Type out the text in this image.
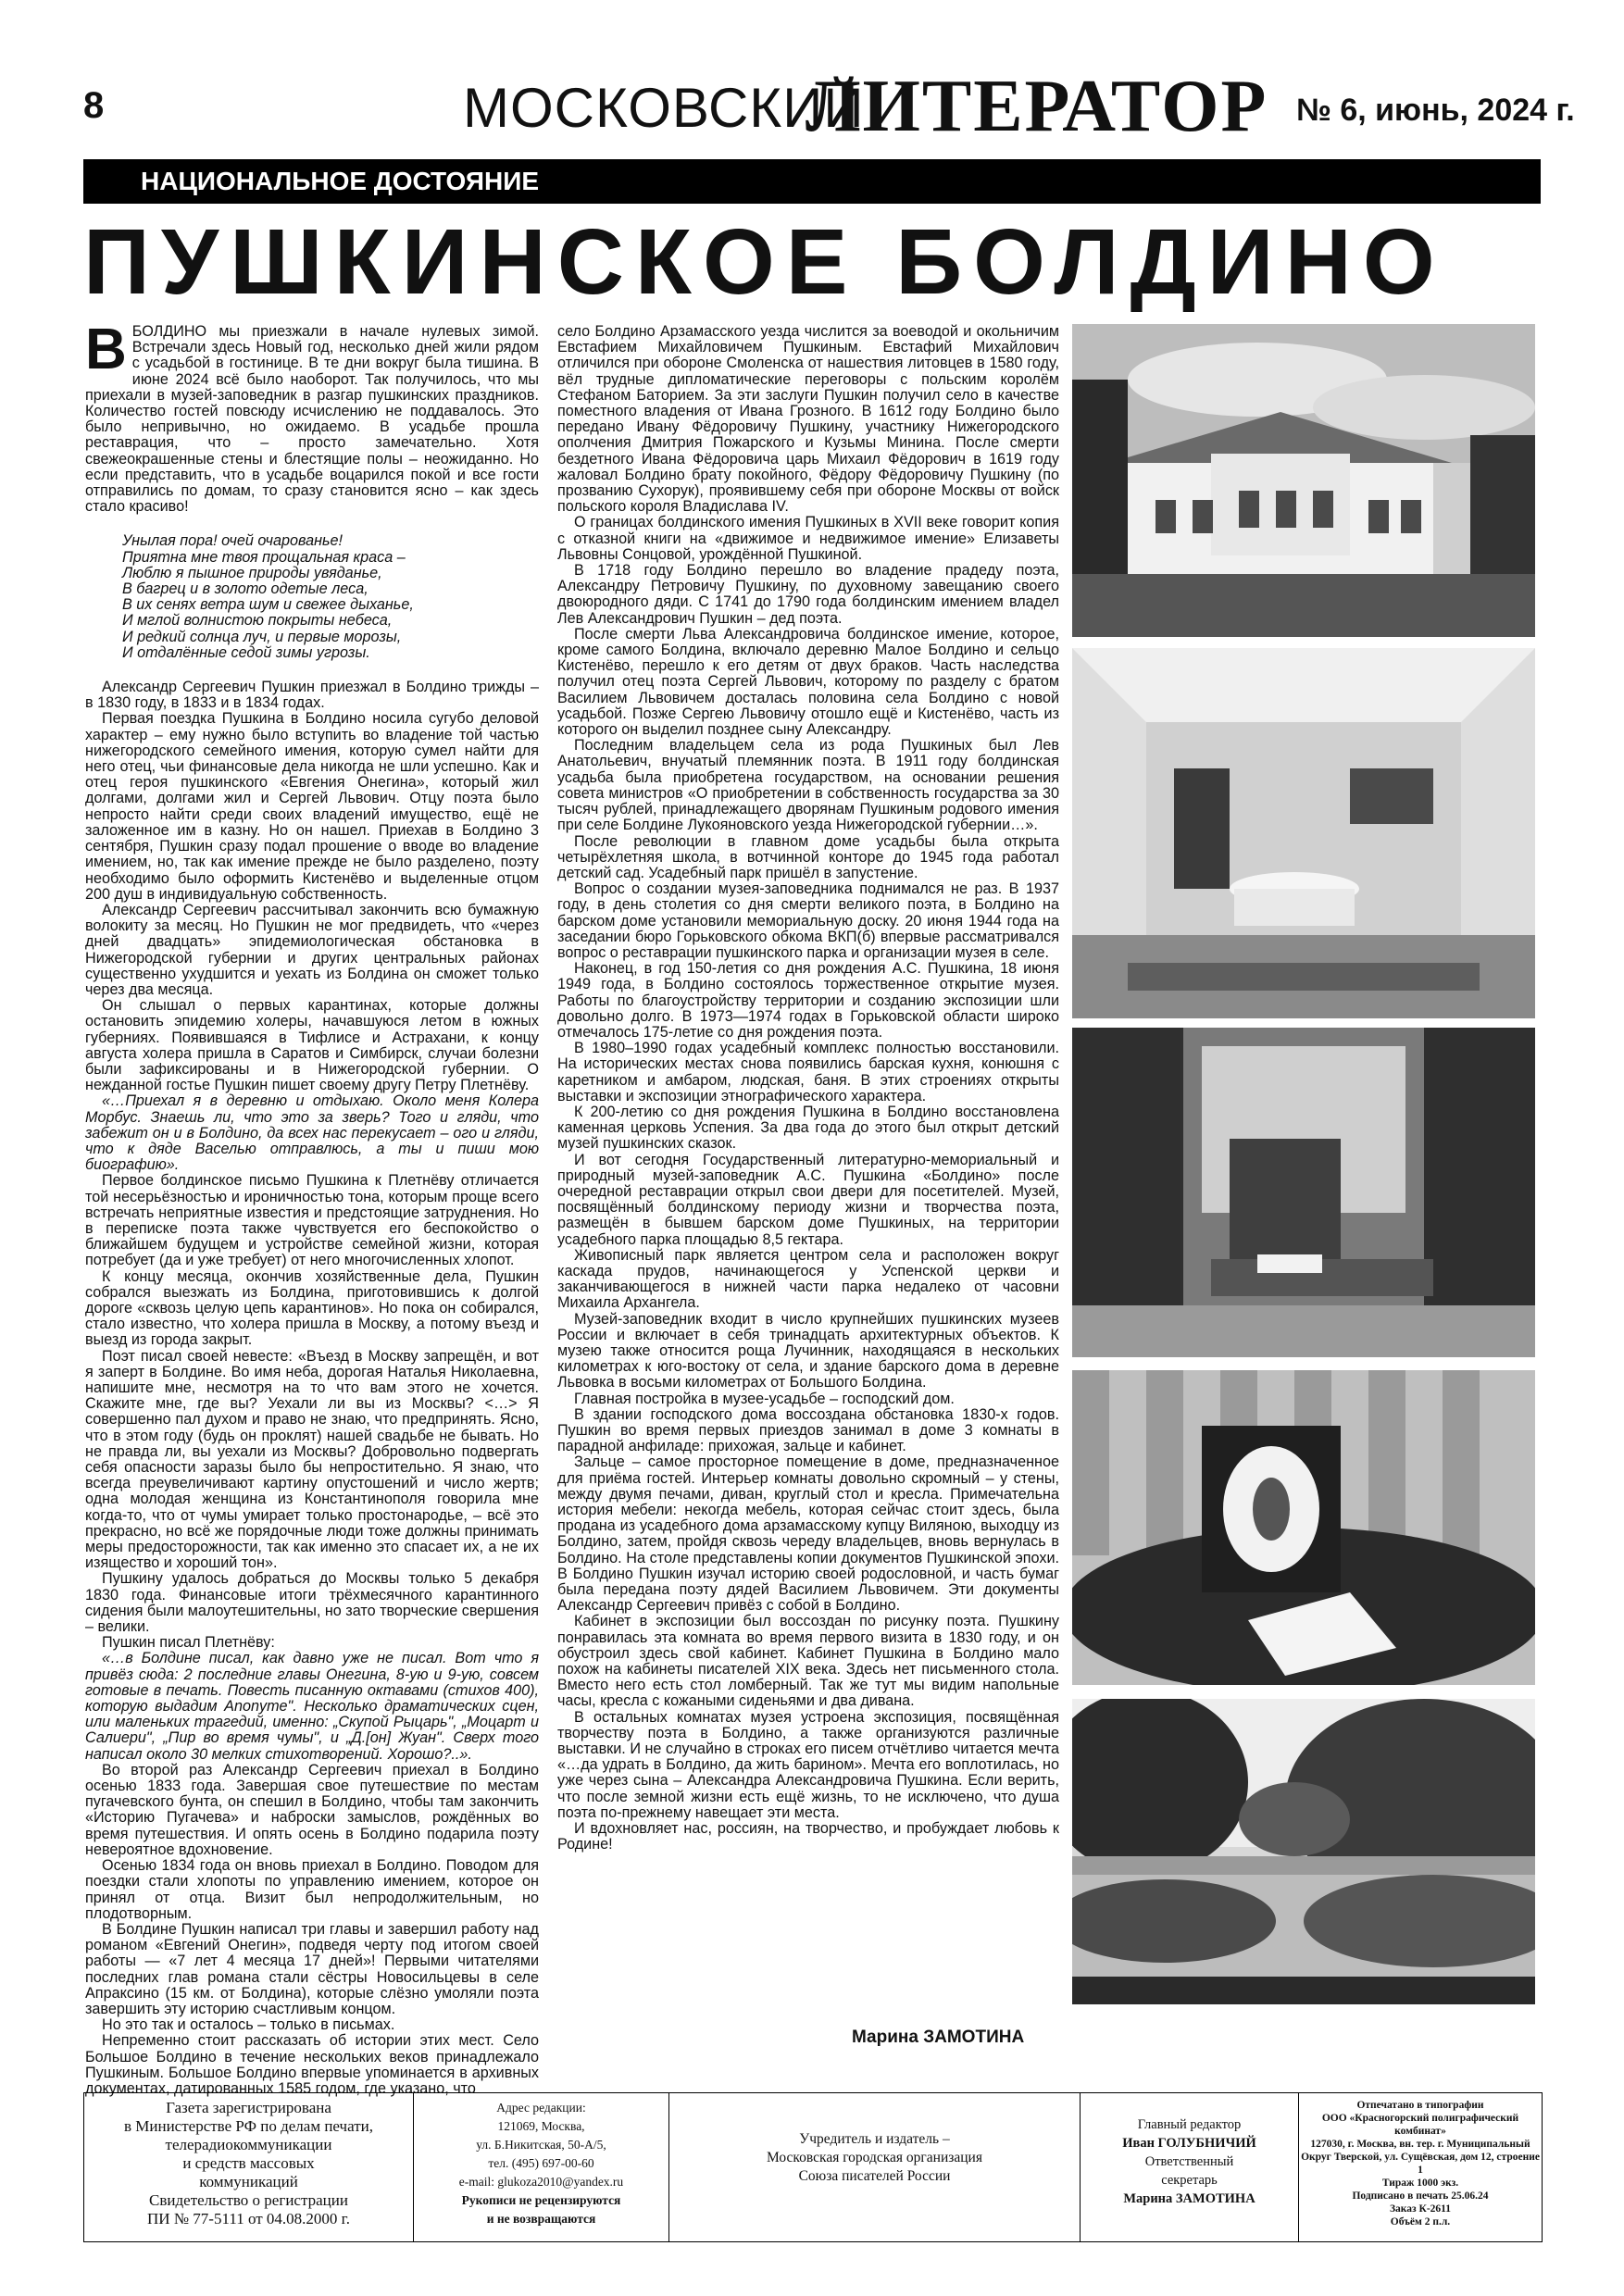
8	МОСКОВСКИЙ
ЛИТЕРАТОР № 6, июнь, 2024 г.
НАЦИОНАЛЬНОЕ ДОСТОЯНИЕ
ПУШКИНСКОЕ БОЛДИНО

ВБОЛДИНО мы приезжали в начале нулевых зимой. Встречали здесь Новый год, несколько дней жили рядом с усадьбой в гостинице. В те дни вокруг была тишина. В июне 2024 всё было наоборот. Так получилось, что мы приехали в музей-заповедник в разгар пушкинских праздников. Количество гостей повсюду исчислению не поддавалось. Это было непривычно, но ожидаемо. В усадьбе прошла реставрация, что – просто замечательно. Хотя свежеокрашенные стены и блестящие полы – неожиданно. Но если представить, что в усадьбе воцарился покой и все гости отправились по домам, то сразу становится ясно – как здесь стало красиво!

Унылая пора! очей очарованье!
Приятна мне твоя прощальная краса –
Люблю я пышное природы увяданье,
В багрец и в золото одетые леса,
В их сенях ветра шум и свежее дыханье,
И мглой волнистою покрыты небеса,
И редкий солнца луч, и первые морозы,
И отдалённые седой зимы угрозы.

Александр Сергеевич Пушкин приезжал в Болдино трижды – в 1830 году, в 1833 и в 1834 годах.

Первая поездка Пушкина в Болдино носила сугубо деловой характер – ему нужно было вступить во владение той частью нижегородского семейного имения, которую сумел найти для него отец, чьи финансовые дела никогда не шли успешно. Как и отец героя пушкинского «Евгения Онегина», который жил долгами, долгами жил и Сергей Львович. Отцу поэта было непросто найти среди своих владений имущество, ещё не заложенное им в казну. Но он нашел. Приехав в Болдино 3 сентября, Пушкин сразу подал прошение о вводе во владение имением, но, так как имение прежде не было разделено, поэту необходимо было оформить Кистенёво и выделенные отцом 200 душ в индивидуальную собственность.

Александр Сергеевич рассчитывал закончить всю бумажную волокиту за месяц. Но Пушкин не мог предвидеть, что «через дней двадцать» эпидемиологическая обстановка в Нижегородской губернии и других центральных районах существенно ухудшится и уехать из Болдина он сможет только через два месяца.

Он слышал о первых карантинах, которые должны остановить эпидемию холеры, начавшуюся летом в южных губерниях. Появившаяся в Тифлисе и Астрахани, к концу августа холера пришла в Саратов и Симбирск, случаи болезни были зафиксированы и в Нижегородской губернии. О нежданной гостье Пушкин пишет своему другу Петру Плетнёву.

«…Приехал я в деревню и отдыхаю. Около меня Колера Морбус. Знаешь ли, что это за зверь? Того и гляди, что забежит он и в Болдино, да всех нас перекусает – ого и гляди, что к дяде Васелью отправлюсь, а ты и пиши мою биографию».

Первое болдинское письмо Пушкина к Плетнёву отличается той несерьёзностью и ироничностью тона, которым проще всего встречать неприятные известия и предстоящие затруднения. Но в переписке поэта также чувствуется его беспокойство о ближайшем будущем и устройстве семейной жизни, которая потребует (да и уже требует) от него многочисленных хлопот.

К концу месяца, окончив хозяйственные дела, Пушкин собрался выезжать из Болдина, приготовившись к долгой дороге «сквозь целую цепь карантинов». Но пока он собирался, стало известно, что холера пришла в Москву, а потому въезд и выезд из города закрыт.

Поэт писал своей невесте: «Въезд в Москву запрещён, и вот я заперт в Болдине. Во имя неба, дорогая Наталья Николаевна, напишите мне, несмотря на то что вам этого не хочется. Скажите мне, где вы? Уехали ли вы из Москвы? <…> Я совершенно пал духом и право не знаю, что предпринять. Ясно, что в этом году (будь он проклят) нашей свадьбе не бывать. Но не правда ли, вы уехали из Москвы? Добровольно подвергать себя опасности заразы было бы непростительно. Я знаю, что всегда преувеличивают картину опустошений и число жертв; одна молодая женщина из Константинополя говорила мне когда-то, что от чумы умирает только простонародье, – всё это прекрасно, но всё же порядочные люди тоже должны принимать меры предосторожности, так как именно это спасает их, а не их изящество и хороший тон».

Пушкину удалось добраться до Москвы только 5 декабря 1830 года. Финансовые итоги трёхмесячного карантинного сидения были малоутешительны, но зато творческие свершения – велики.

Пушкин писал Плетнёву:

«…в Болдине писал, как давно уже не писал. Вот что я привёз сюда: 2 последние главы Онегина, 8-ую и 9-ую, совсем готовые в печать. Повесть писанную октавами (стихов 400), которую выдадим Anonyme". Несколько драматических сцен, или маленьких трагедий, именно: „Скупой Рыцарь", „Моцарт и Салиери", „Пир во время чумы", и „Д.[он] Жуан". Сверх того написал около 30 мелких стихотворений. Хорошо?..».

Во второй раз Александр Сергеевич приехал в Болдино осенью 1833 года. Завершая свое путешествие по местам пугачевского бунта, он спешил в Болдино, чтобы там закончить «Историю Пугачева» и наброски замыслов, рождённых во время путешествия. И опять осень в Болдино подарила поэту невероятное вдохновение.

Осенью 1834 года он вновь приехал в Болдино. Поводом для поездки стали хлопоты по управлению имением, которое он принял от отца. Визит был непродолжительным, но плодотворным.

В Болдине Пушкин написал три главы и завершил работу над романом «Евгений Онегин», подведя черту под итогом своей работы — «7 лет 4 месяца 17 дней»! Первыми читателями последних глав романа стали сёстры Новосильцевы в селе Апраксино (15 км. от Болдина), которые слёзно умоляли поэта завершить эту историю счастливым концом.

Но это так и осталось – только в письмах.

Непременно стоит рассказать об истории этих мест. Село Большое Болдино в течение нескольких веков принадлежало Пушкиным. Большое Болдино впервые упоминается в архивных документах, датированных 1585 годом, где указано, что

село Болдино Арзамасского уезда числится за воеводой и окольничим Евстафием Михайловичем Пушкиным. Евстафий Михайлович отличился при обороне Смоленска от нашествия литовцев в 1580 году, вёл трудные дипломатические переговоры с польским королём Стефаном Баторием. За эти заслуги Пушкин получил село в качестве поместного владения от Ивана Грозного. В 1612 году Болдино было передано Ивану Фёдоровичу Пушкину, участнику Нижегородского ополчения Дмитрия Пожарского и Кузьмы Минина. После смерти бездетного Ивана Фёдоровича царь Михаил Фёдорович в 1619 году жаловал Болдино брату покойного, Фёдору Фёдоровичу Пушкину (по прозванию Сухорук), проявившему себя при обороне Москвы от войск польского короля Владислава IV.

О границах болдинского имения Пушкиных в XVII веке говорит копия с отказной книги на «движимое и недвижимое имение» Елизаветы Львовны Сонцовой, урождённой Пушкиной.

В 1718 году Болдино перешло во владение прадеду поэта, Александру Петровичу Пушкину, по духовному завещанию своего двоюродного дяди. С 1741 до 1790 года болдинским имением владел Лев Александрович Пушкин – дед поэта.

После смерти Льва Александровича болдинское имение, которое, кроме самого Болдина, включало деревню Малое Болдино и сельцо Кистенёво, перешло к его детям от двух браков. Часть наследства получил отец поэта Сергей Львович, которому по разделу с братом Василием Львовичем досталась половина села Болдино с новой усадьбой. Позже Сергею Львовичу отошло ещё и Кистенёво, часть из которого он выделил позднее сыну Александру.

Последним владельцем села из рода Пушкиных был Лев Анатольевич, внучатый племянник поэта. В 1911 году болдинская усадьба была приобретена государством, на основании решения совета министров «О приобретении в собственность государства за 30 тысяч рублей, принадлежащего дворянам Пушкиным родового имения при селе Болдине Лукояновского уезда Нижегородской губернии…».

После революции в главном доме усадьбы была открыта четырёхлетняя школа, в вотчинной конторе до 1945 года работал детский сад. Усадебный парк пришёл в запустение.

Вопрос о создании музея-заповедника поднимался не раз. В 1937 году, в день столетия со дня смерти великого поэта, в Болдино на барском доме установили мемориальную доску. 20 июня 1944 года на заседании бюро Горьковского обкома ВКП(б) впервые рассматривался вопрос о реставрации пушкинского парка и организации музея в селе.

Наконец, в год 150-летия со дня рождения А.С. Пушкина, 18 июня 1949 года, в Болдино состоялось торжественное открытие музея. Работы по благоустройству территории и созданию экспозиции шли довольно долго. В 1973—1974 годах в Горьковской области широко отмечалось 175-летие со дня рождения поэта.

В 1980–1990 годах усадебный комплекс полностью восстановили. На исторических местах снова появились барская кухня, конюшня с каретником и амбаром, людская, баня. В этих строениях открыты выставки и экспозиции этнографического характера.

К 200-летию со дня рождения Пушкина в Болдино восстановлена каменная церковь Успения. За два года до этого был открыт детский музей пушкинских сказок.

И вот сегодня Государственный литературно-мемориальный и природный музей-заповедник А.С. Пушкина «Болдино» после очередной реставрации открыл свои двери для посетителей. Музей, посвящённый болдинскому периоду жизни и творчества поэта, размещён в бывшем барском доме Пушкиных, на территории усадебного парка площадью 8,5 гектара.

Живописный парк является центром села и расположен вокруг каскада прудов, начинающегося у Успенской церкви и заканчивающегося в нижней части парка недалеко от часовни Михаила Архангела.

Музей-заповедник входит в число крупнейших пушкинских музеев России и включает в себя тринадцать архитектурных объектов. К музею также относится роща Лучинник, находящаяся в нескольких километрах к юго-востоку от села, и здание барского дома в деревне Львовка в восьми километрах от Большого Болдина.

Главная постройка в музее-усадьбе – господский дом.

В здании господского дома воссоздана обстановка 1830-х годов. Пушкин во время первых приездов занимал в доме 3 комнаты в парадной анфиладе: прихожая, зальце и кабинет.

Зальце – самое просторное помещение в доме, предназначенное для приёма гостей. Интерьер комнаты довольно скромный – у стены, между двумя печами, диван, круглый стол и кресла. Примечательна история мебели: некогда мебель, которая сейчас стоит здесь, была продана из усадебного дома арзамасскому купцу Виляною, выходцу из Болдино, затем, пройдя сквозь череду владельцев, вновь вернулась в Болдино. На столе представлены копии документов Пушкинской эпохи. В Болдино Пушкин изучал историю своей родословной, и часть бумаг была передана поэту дядей Василием Львовичем. Эти документы Александр Сергеевич привёз с собой в Болдино.

Кабинет в экспозиции был воссоздан по рисунку поэта. Пушкину понравилась эта комната во время первого визита в 1830 году, и он обустроил здесь свой кабинет. Кабинет Пушкина в Болдино мало похож на кабинеты писателей XIX века. Здесь нет письменного стола. Вместо него есть стол ломберный. Так же тут мы видим напольные часы, кресла с кожаными сиденьями и два дивана.

В остальных комнатах музея устроена экспозиция, посвящённая творчеству поэта в Болдино, а также организуются различные выставки. И не случайно в строках его писем отчётливо читается мечта «…да удрать в Болдино, да жить барином». Мечта его воплотилась, но уже через сына – Александра Александровича Пушкина. Если верить, что после земной жизни есть ещё жизнь, то не исключено, что душа поэта по-прежнему навещает эти места.

И вдохновляет нас, россиян, на творчество, и пробуждает любовь к Родине!

Марина ЗАМОТИНА
Газета зарегистрирована
в Министерстве РФ по делам печати,
телерадиокоммуникации
и средств массовых
коммуникаций
Свидетельство о регистрации
ПИ № 77-5111 от 04.08.2000 г.
Адрес редакции:
121069, Москва,
ул. Б.Никитская, 50-А/5,
тел. (495) 697-00-60
e-mail: glukoza2010@yandex.ru
Рукописи не рецензируются
и не возвращаются
Учредитель и издатель –
Московская городская организация
Союза писателей России
Главный редактор
Иван ГОЛУБНИЧИЙ
Ответственный
секретарь
Марина ЗАМОТИНА
Отпечатано в типографии
ООО «Красногорский полиграфический комбинат»
127030, г. Москва, вн. тер. г. Муниципальный
Округ Тверской, ул. Сущёвская, дом 12, строение 1
Тираж 1000 экз.
Подписано в печать 25.06.24
Заказ К-2611
Объём 2 п.л.
